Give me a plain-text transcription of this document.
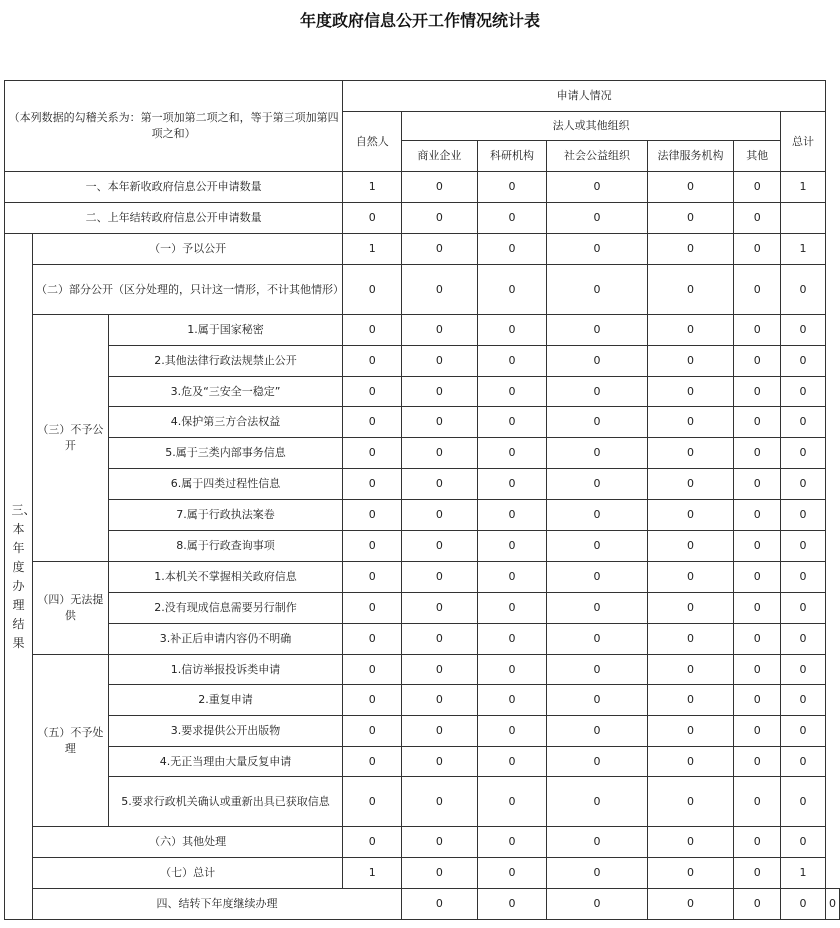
年度政府信息公开工作情况统计表
（本列数据的勾稽关系为：第一项加第二项之和，等于第三项加第四项之和）			申请人情况							
			自然人	法人或其他组织					总计	
				商业企业	科研机构	社会公益组织	法律服务机构	其他		
一、本年新收政府信息公开申请数量			1	0	0	0	0	0	1	
二、上年结转政府信息公开申请数量			0	0	0	0	0	0		

三、本年度办理结果	（一）予以公开		1	0	0	0	0	0	1	
	（二）部分公开（区分处理的，只计这一情形，不计其他情形）		0	0	0	0	0	0	0	
	（三）不予公开	1.属于国家秘密	0	0	0	0	0	0	0	
		2.其他法律行政法规禁止公开	0	0	0	0	0	0	0	
		3.危及“三安全一稳定”	0	0	0	0	0	0	0	
		4.保护第三方合法权益	0	0	0	0	0	0	0	
		5.属于三类内部事务信息	0	0	0	0	0	0	0	
		6.属于四类过程性信息	0	0	0	0	0	0	0	
		7.属于行政执法案卷	0	0	0	0	0	0	0	
		8.属于行政查询事项	0	0	0	0	0	0	0	
	（四）无法提供	1.本机关不掌握相关政府信息	0	0	0	0	0	0	0	
		2.没有现成信息需要另行制作	0	0	0	0	0	0	0	
		3.补正后申请内容仍不明确	0	0	0	0	0	0	0	
	（五）不予处理	1.信访举报投诉类申请	0	0	0	0	0	0	0	
		2.重复申请	0	0	0	0	0	0	0	
		3.要求提供公开出版物	0	0	0	0	0	0	0	
		4.无正当理由大量反复申请	0	0	0	0	0	0	0	
		5.要求行政机关确认或重新出具已获取信息	0	0	0	0	0	0	0	
	（六）其他处理		0	0	0	0	0	0	0	
	（七）总计		1	0	0	0	0	0	1	
	四、结转下年度继续办理			0	0	0	0	0	0	0
